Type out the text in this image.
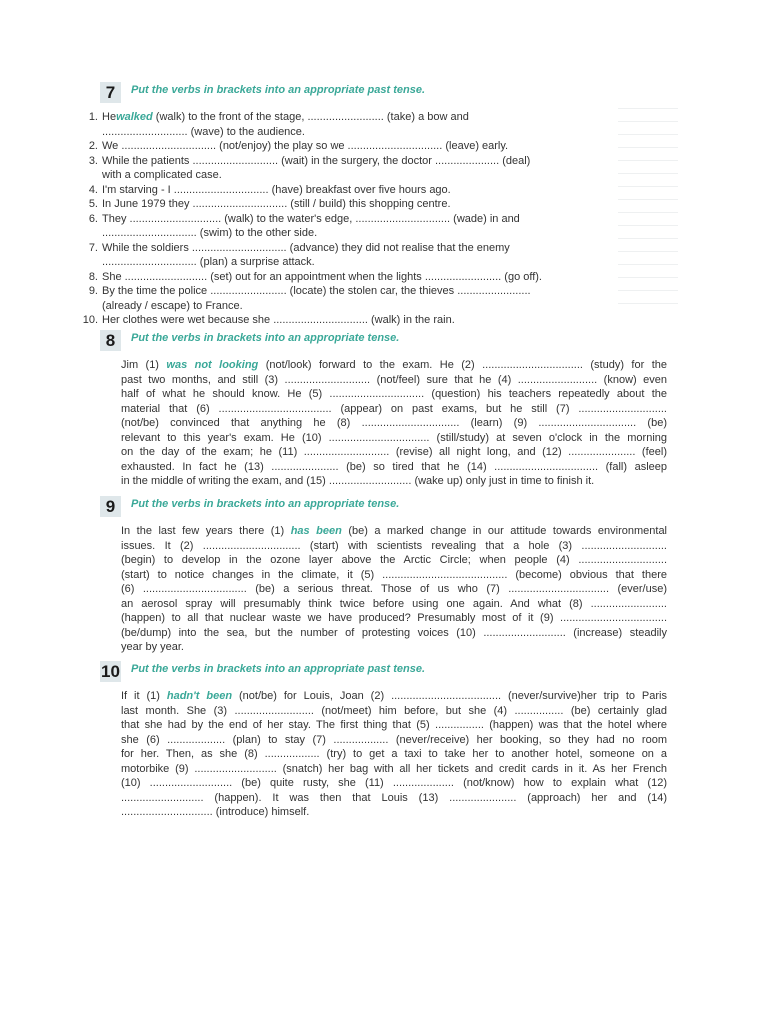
7	Put the verbs in brackets into an appropriate past tense.
1. Hewalked (walk) to the front of the stage, ......................... (take) a bow and
............................ (wave) to the audience.
2. We ............................... (not/enjoy) the play so we ............................... (leave) early.
3. While the patients ............................ (wait) in the surgery, the doctor ..................... (deal)
with a complicated case.
4. I'm starving - I ............................... (have) breakfast over five hours ago.
5. In June 1979 they ............................... (still / build) this shopping centre.
6. They .............................. (walk) to the water's edge, ............................... (wade) in and
............................... (swim) to the other side.
7. While the soldiers ............................... (advance) they did not realise that the enemy
............................... (plan) a surprise attack.
8. She ........................... (set) out for an appointment when the lights ......................... (go off).
9. By the time the police ......................... (locate) the stolen car, the thieves ........................
(already / escape) to France.
10. Her clothes were wet because she ............................... (walk) in the rain.
8	Put the verbs in brackets into an appropriate tense.
Jim (1) was not looking (not/look) forward to the exam. He (2) ................................. (study) for the
past two months, and still (3) ............................ (not/feel) sure that he (4) .......................... (know) even
half of what he should know. He (5) ............................... (question) his teachers repeatedly about the
material that (6) ..................................... (appear) on past exams, but he still (7) .............................
(not/be) convinced that anything he (8) ................................ (learn) (9) ................................ (be)
relevant to this year's exam. He (10) ................................. (still/study) at seven o'clock in the morning
on the day of the exam; he (11) ............................ (revise) all night long, and (12) ...................... (feel)
exhausted. In fact he (13) ...................... (be) so tired that he (14) .................................. (fall) asleep
in the middle of writing the exam, and (15) ........................... (wake up) only just in time to finish it.
9	Put the verbs in brackets into an appropriate tense.
In the last few years there (1) has been (be) a marked change in our attitude towards environmental
issues. It (2) ................................ (start) with scientists revealing that a hole (3) ............................
(begin) to develop in the ozone layer above the Arctic Circle; when people (4) .............................
(start) to notice changes in the climate, it (5) ......................................... (become) obvious that there
(6) .................................. (be) a serious threat. Those of us who (7) ................................. (ever/use)
an aerosol spray will presumably think twice before using one again. And what (8) .........................
(happen) to all that nuclear waste we have produced? Presumably most of it (9) ...................................
(be/dump) into the sea, but the number of protesting voices (10) ........................... (increase) steadily
year by year.
10 Put the verbs in brackets into an appropriate past tense.
If it (1) hadn't been (not/be) for Louis, Joan (2) .................................... (never/survive)her trip to Paris
last month. She (3) .......................... (not/meet) him before, but she (4) ................ (be) certainly glad
that she had by the end of her stay. The first thing that (5) ................ (happen) was that the hotel where
she (6) ................... (plan) to stay (7) .................. (never/receive) her booking, so they had no room
for her. Then, as she (8) .................. (try) to get a taxi to take her to another hotel, someone on a
motorbike (9) ........................... (snatch) her bag with all her tickets and credit cards in it. As her French
(10) ........................... (be) quite rusty, she (11) .................... (not/know) how to explain what (12)
........................... (happen). It was then that Louis (13) ...................... (approach) her and (14)
.............................. (introduce) himself.
